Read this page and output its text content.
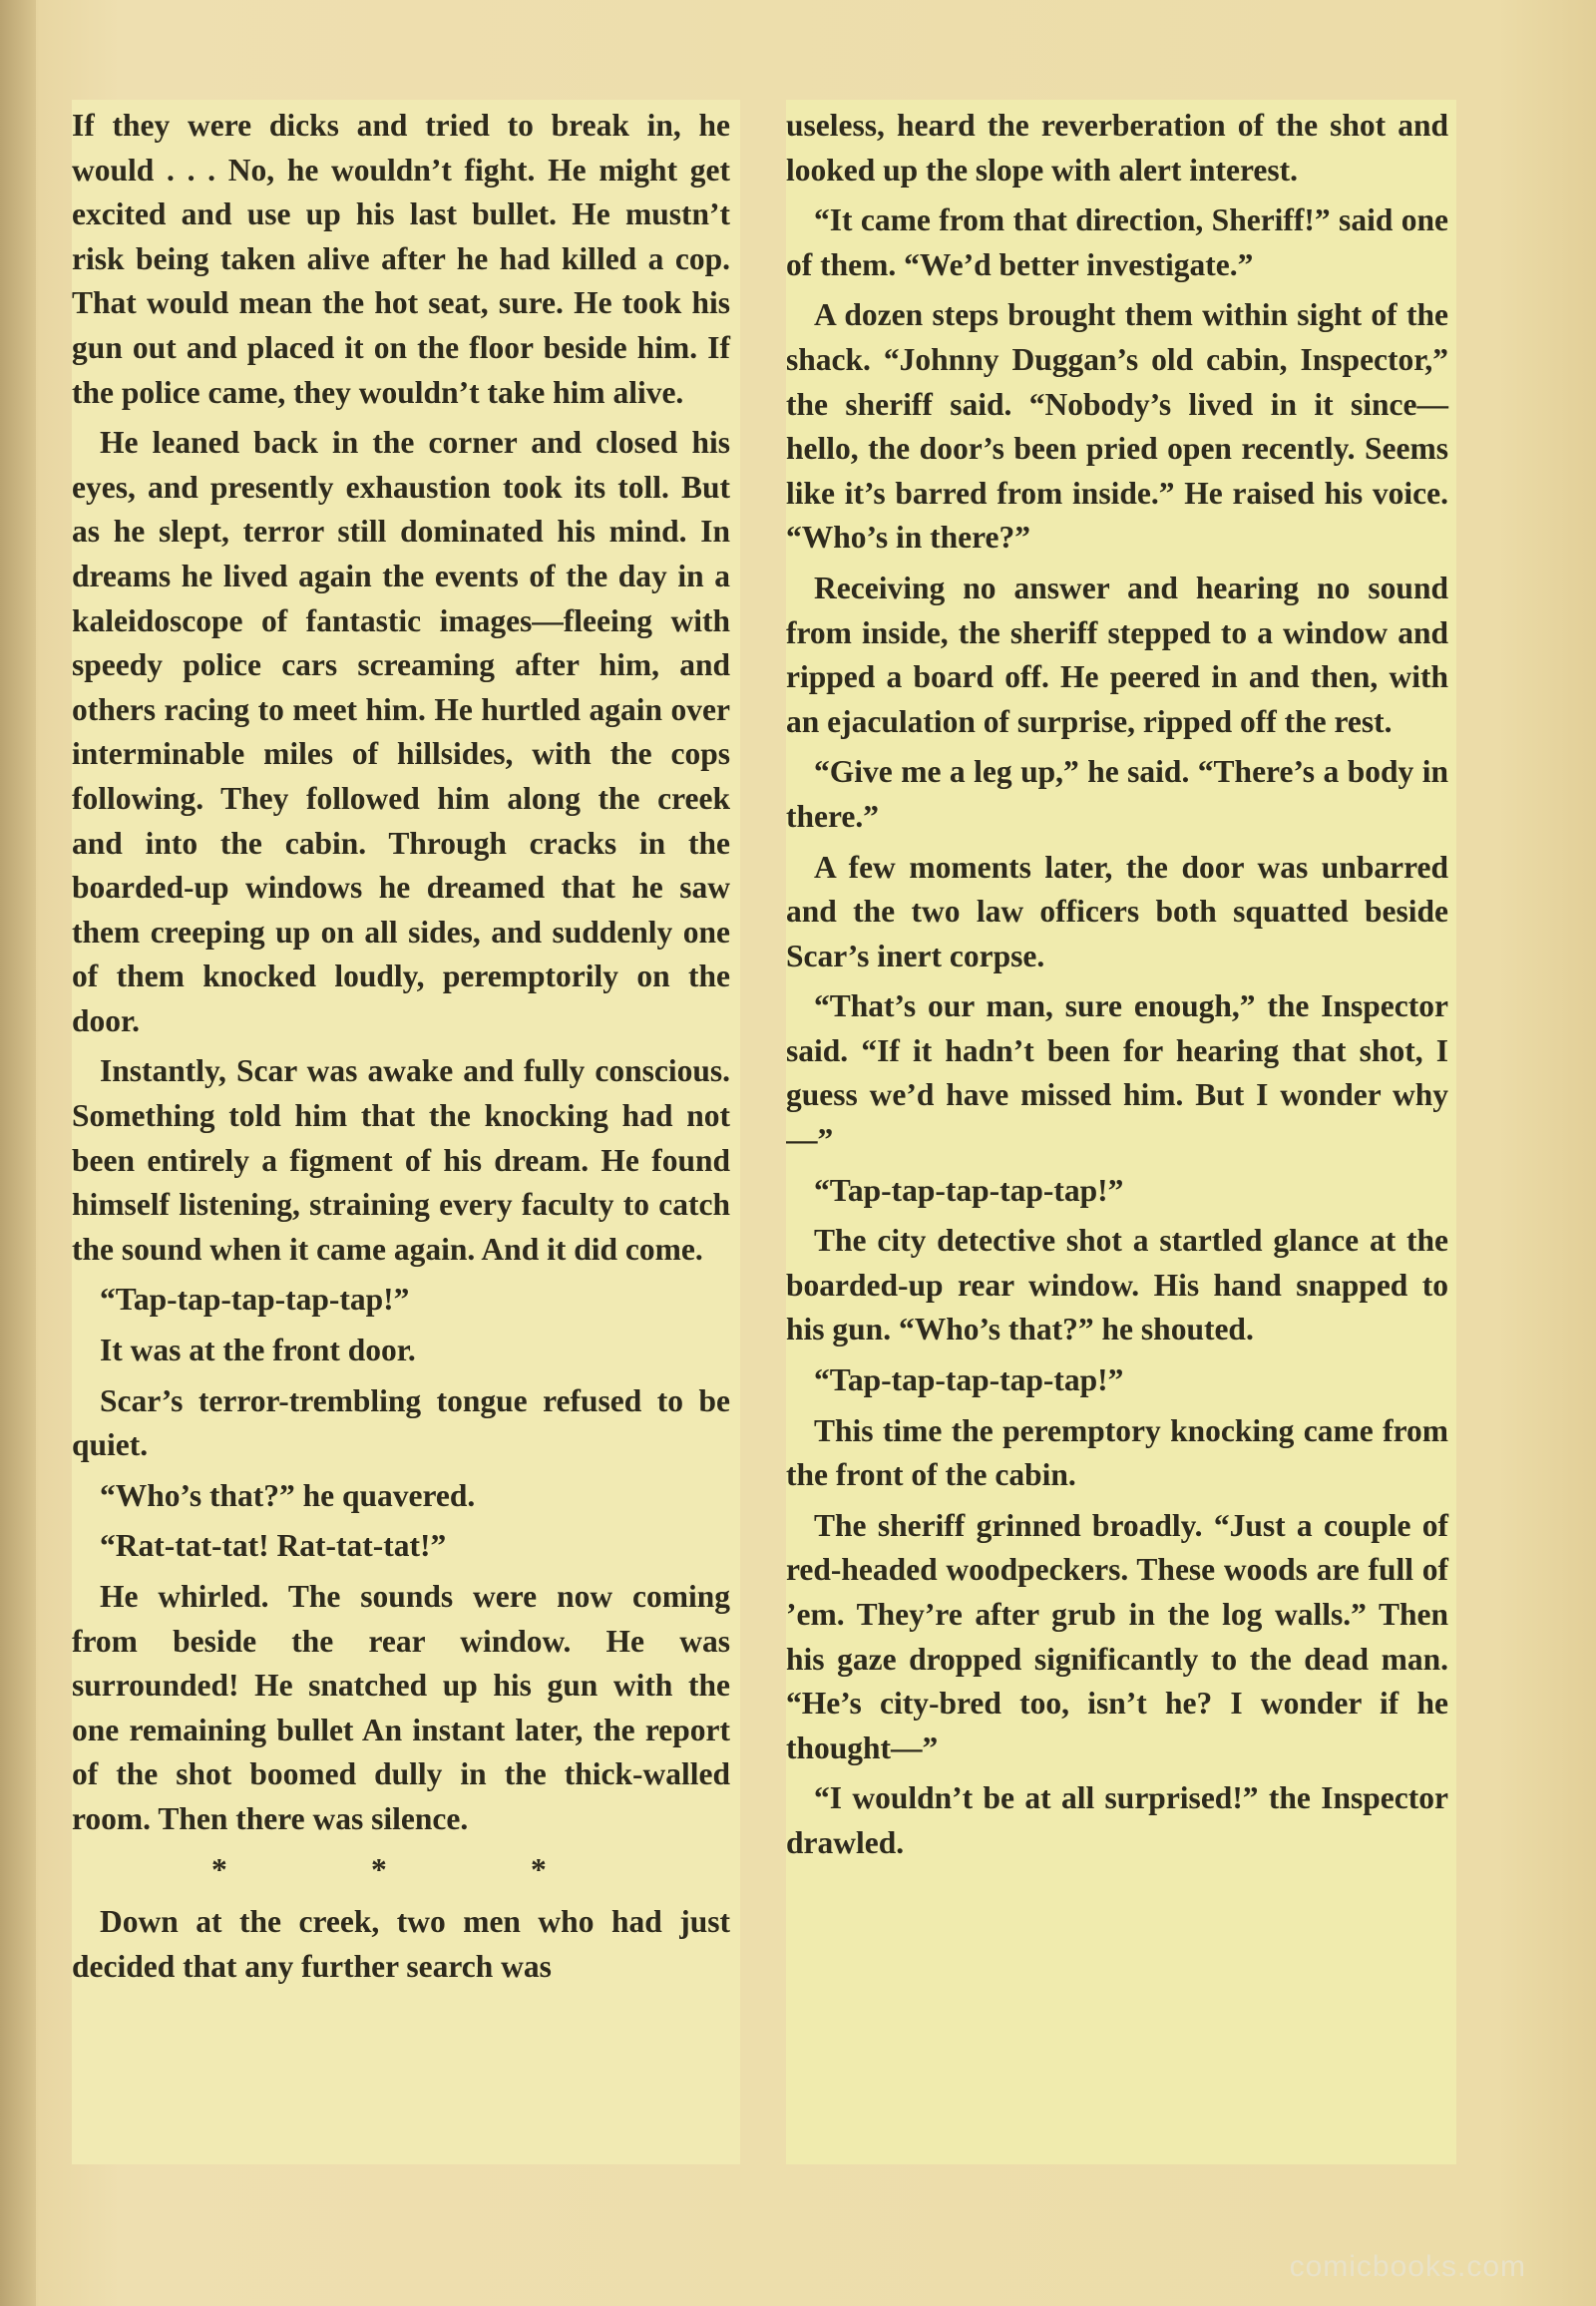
If they were dicks and tried to break in, he would . . . No, he wouldn’t fight. He might get excited and use up his last bullet. He mustn’t risk being taken alive after he had killed a cop. That would mean the hot seat, sure. He took his gun out and placed it on the floor beside him. If the police came, they wouldn’t take him alive.

He leaned back in the corner and closed his eyes, and presently exhaustion took its toll. But as he slept, terror still dominated his mind. In dreams he lived again the events of the day in a kaleidoscope of fantastic images—fleeing with speedy police cars screaming after him, and others racing to meet him. He hurtled again over interminable miles of hillsides, with the cops following. They followed him along the creek and into the cabin. Through cracks in the boarded-up windows he dreamed that he saw them creeping up on all sides, and suddenly one of them knocked loudly, peremptorily on the door.

Instantly, Scar was awake and fully conscious. Something told him that the knocking had not been entirely a figment of his dream. He found himself listening, straining every faculty to catch the sound when it came again. And it did come.

“Tap-tap-tap-tap-tap!”

It was at the front door.

Scar’s terror-trembling tongue refused to be quiet.

“Who’s that?” he quavered.

“Rat-tat-tat! Rat-tat-tat!”

He whirled. The sounds were now coming from beside the rear window. He was surrounded! He snatched up his gun with the one remaining bullet An instant later, the report of the shot boomed dully in the thick-walled room. Then there was silence.

*	*	*

Down at the creek, two men who had just decided that any further search was

useless, heard the reverberation of the shot and looked up the slope with alert interest.

“It came from that direction, Sheriff!” said one of them. “We’d better investigate.”

A dozen steps brought them within sight of the shack. “Johnny Duggan’s old cabin, Inspector,” the sheriff said. “Nobody’s lived in it since—hello, the door’s been pried open recently. Seems like it’s barred from inside.” He raised his voice. “Who’s in there?”

Receiving no answer and hearing no sound from inside, the sheriff stepped to a window and ripped a board off. He peered in and then, with an ejaculation of surprise, ripped off the rest.

“Give me a leg up,” he said. “There’s a body in there.”

A few moments later, the door was unbarred and the two law officers both squatted beside Scar’s inert corpse.

“That’s our man, sure enough,” the Inspector said. “If it hadn’t been for hearing that shot, I guess we’d have missed him. But I wonder why—”

“Tap-tap-tap-tap-tap!”

The city detective shot a startled glance at the boarded-up rear window. His hand snapped to his gun. “Who’s that?” he shouted.

“Tap-tap-tap-tap-tap!”

This time the peremptory knocking came from the front of the cabin.

The sheriff grinned broadly. “Just a couple of red-headed woodpeckers. These woods are full of ’em. They’re after grub in the log walls.” Then his gaze dropped significantly to the dead man. “He’s city-bred too, isn’t he? I wonder if he thought—”

“I wouldn’t be at all surprised!” the Inspector drawled.

comicbooks.com
